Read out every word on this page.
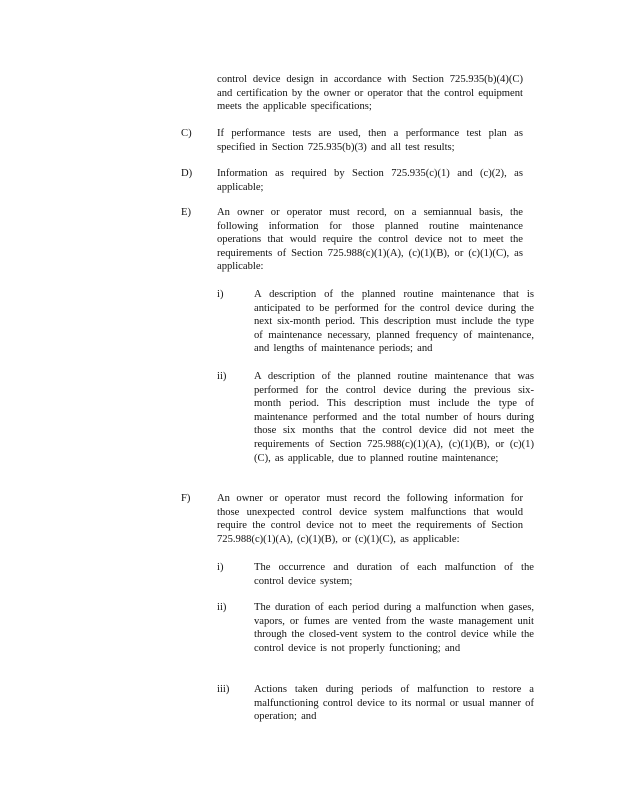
control device design in accordance with Section 725.935(b)(4)(C) and certification by the owner or operator that the control equipment meets the applicable specifications;
C) If performance tests are used, then a performance test plan as specified in Section 725.935(b)(3) and all test results;
D) Information as required by Section 725.935(c)(1) and (c)(2), as applicable;
E) An owner or operator must record, on a semiannual basis, the following information for those planned routine maintenance operations that would require the control device not to meet the requirements of Section 725.988(c)(1)(A), (c)(1)(B), or (c)(1)(C), as applicable:
i)	A description of the planned routine maintenance that is anticipated to be performed for the control device during the next six-month period. This description must include the type of maintenance necessary, planned frequency of maintenance, and lengths of maintenance periods; and
ii)	A description of the planned routine maintenance that was performed for the control device during the previous six-month period. This description must include the type of maintenance performed and the total number of hours during those six months that the control device did not meet the requirements of Section 725.988(c)(1)(A), (c)(1)(B), or (c)(1)(C), as applicable, due to planned routine maintenance;
F)	An owner or operator must record the following information for those unexpected control device system malfunctions that would require the control device not to meet the requirements of Section 725.988(c)(1)(A), (c)(1)(B), or (c)(1)(C), as applicable:
i)	The occurrence and duration of each malfunction of the control device system;
ii)	The duration of each period during a malfunction when gases, vapors, or fumes are vented from the waste management unit through the closed-vent system to the control device while the control device is not properly functioning; and
iii) Actions taken during periods of malfunction to restore a malfunctioning control device to its normal or usual manner of operation; and
